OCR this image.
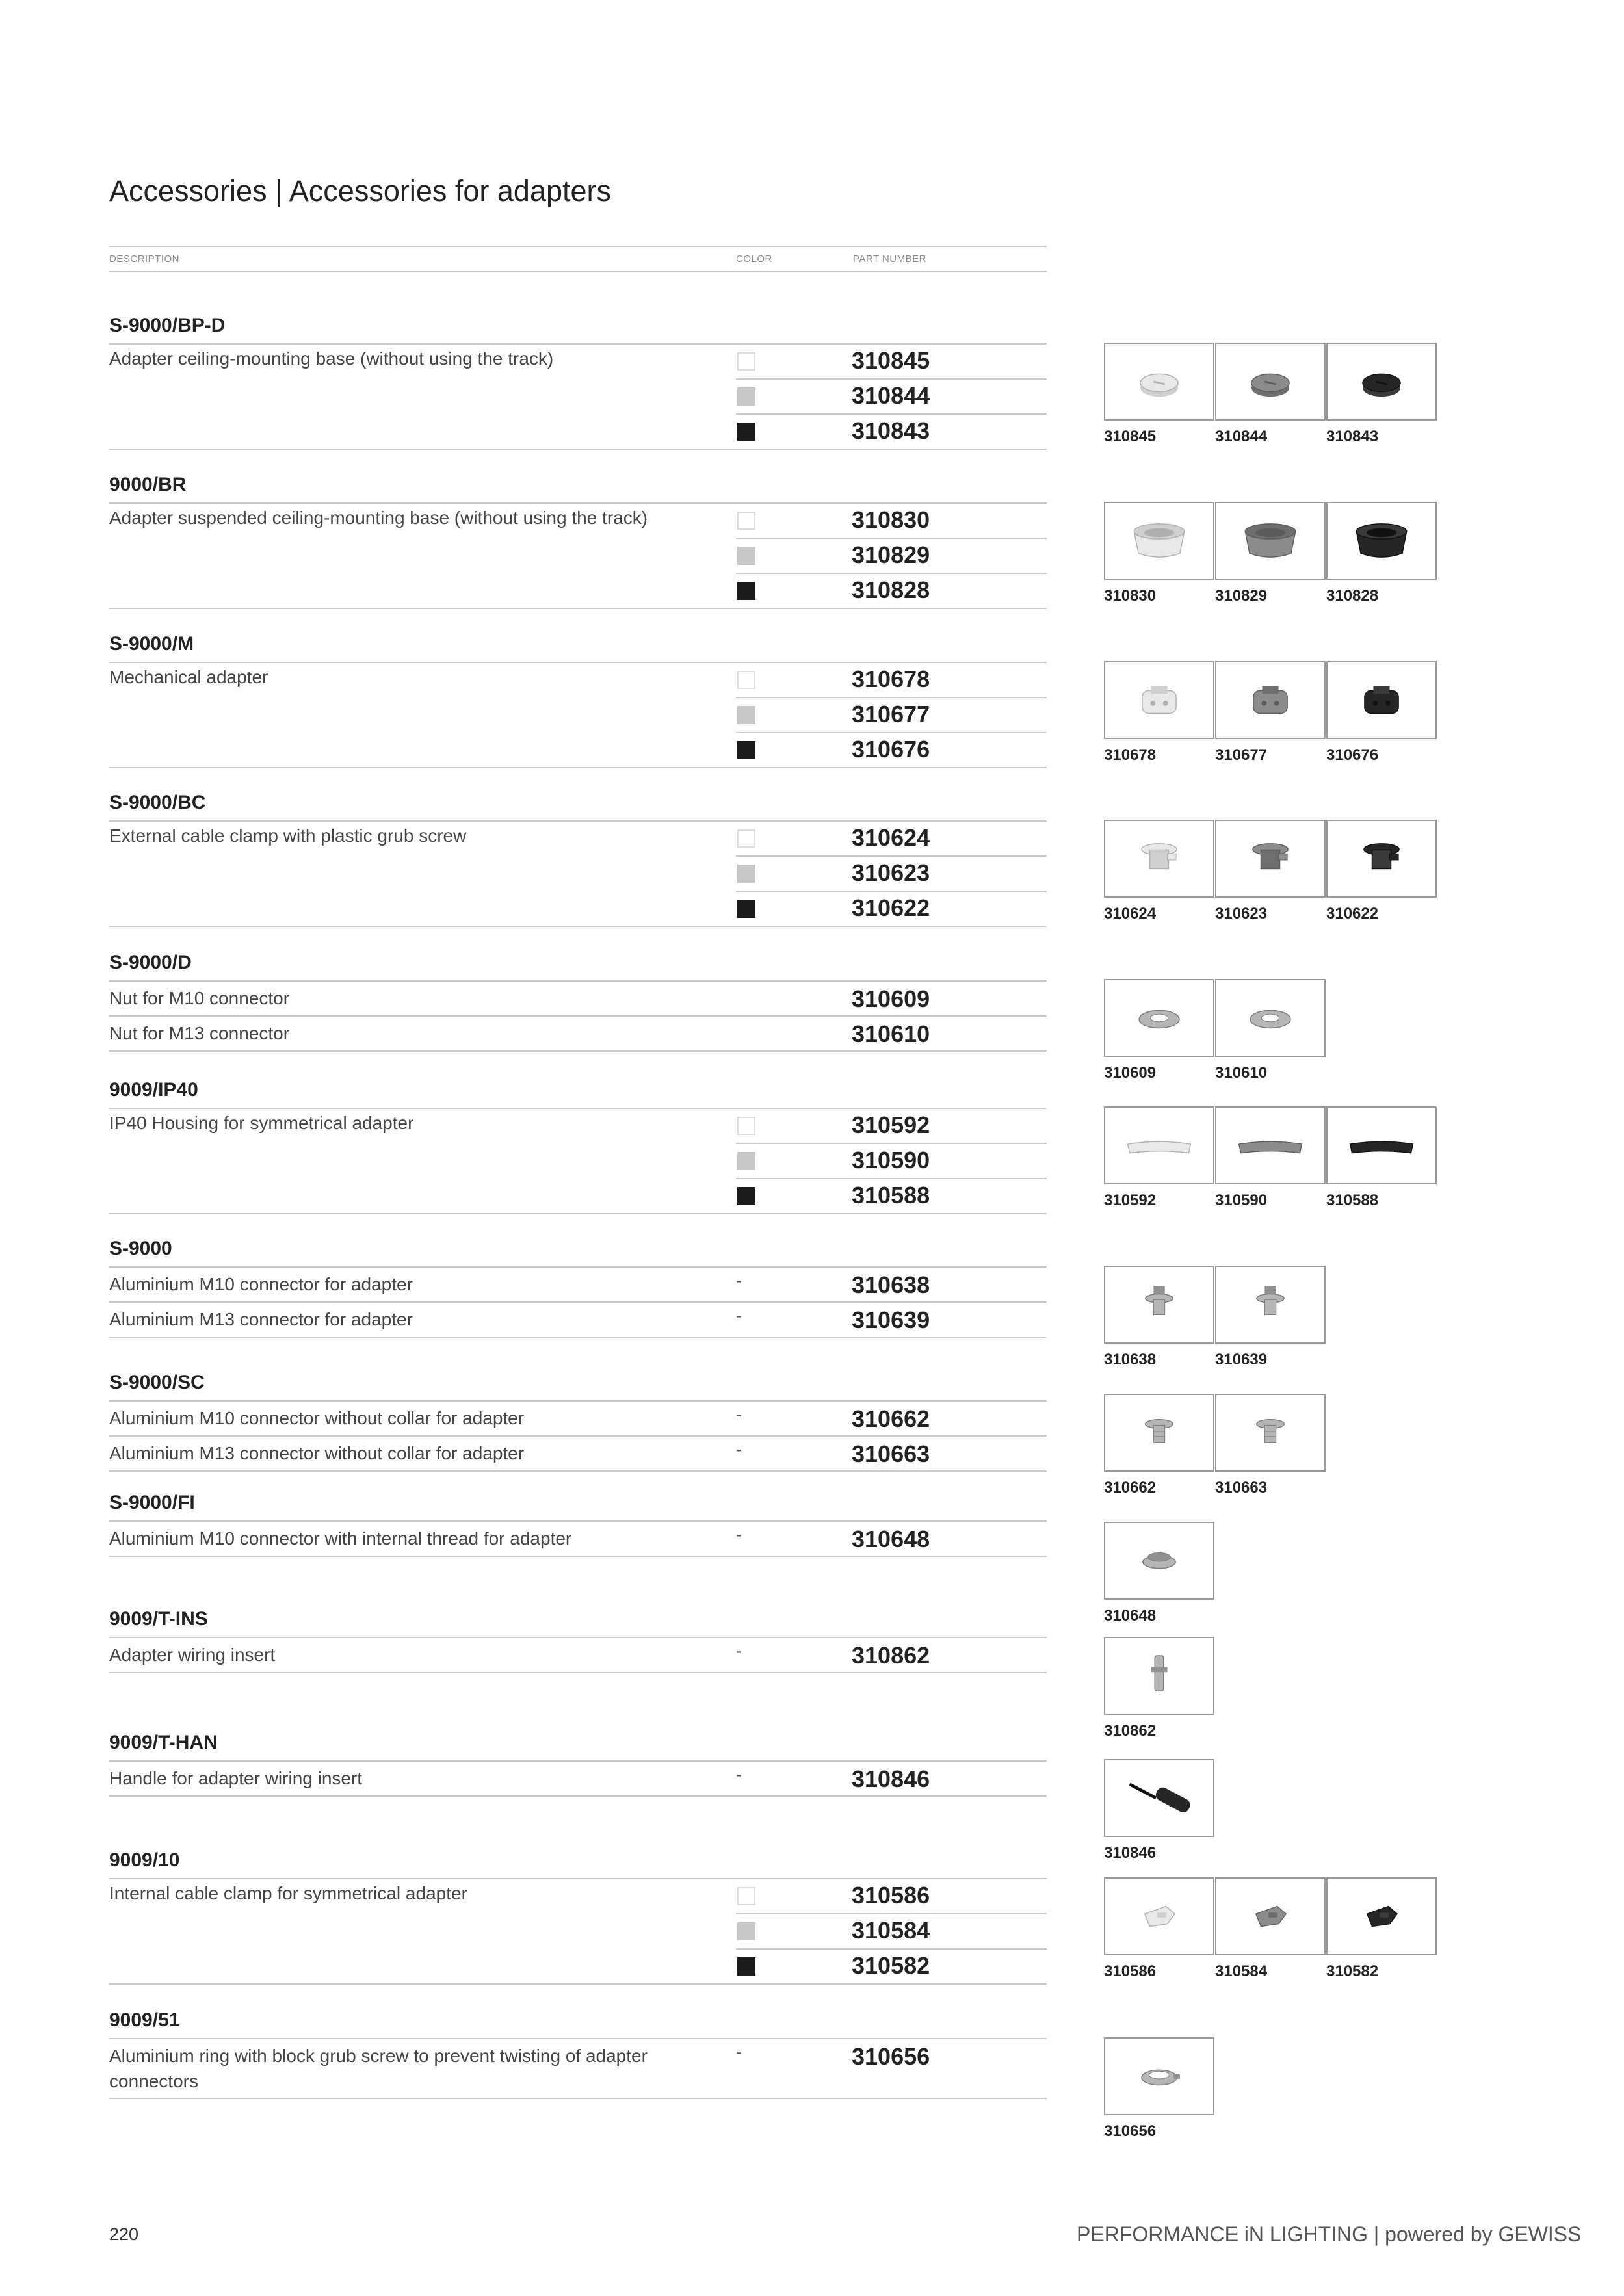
Accessories | Accessories for adapters
DESCRIPTION	COLOR	PART NUMBER
S-9000/BP-D
Adapter ceiling-mounting base (without using the track)	310845
310844
310843
9000/BR
Adapter suspended ceiling-mounting base (without using the track)	310830
310829
310828
S-9000/M
Mechanical adapter	310678
310677
310676
S-9000/BC
External cable clamp with plastic grub screw	310624
310623
310622
S-9000/D
Nut for M10 connector	310609
Nut for M13 connector	310610
9009/IP40
IP40 Housing for symmetrical adapter	310592
310590
310588
S-9000
Aluminium M10 connector for adapter	-	310638
Aluminium M13 connector for adapter	-	310639
S-9000/SC
Aluminium M10 connector without collar for adapter	-	310662
Aluminium M13 connector without collar for adapter	-	310663
S-9000/FI
Aluminium M10 connector with internal thread for adapter	-	310648
9009/T-INS
Adapter wiring insert	-	310862
9009/T-HAN
Handle for adapter wiring insert	-	310846
9009/10
Internal cable clamp for symmetrical adapter	310586
310584
310582
9009/51
Aluminium ring with block grub screw to prevent twisting of adapter connectors
-	310656
310845	310844	310843
310830	310829	310828
310678	310677	310676
310624	310623	310622
310609	310610
310592	310590	310588
310638	310639
310662	310663
310648
310862
310846
310586	310584	310582
310656
220	PERFORMANCE iN LIGHTING | powered by GEWISS
